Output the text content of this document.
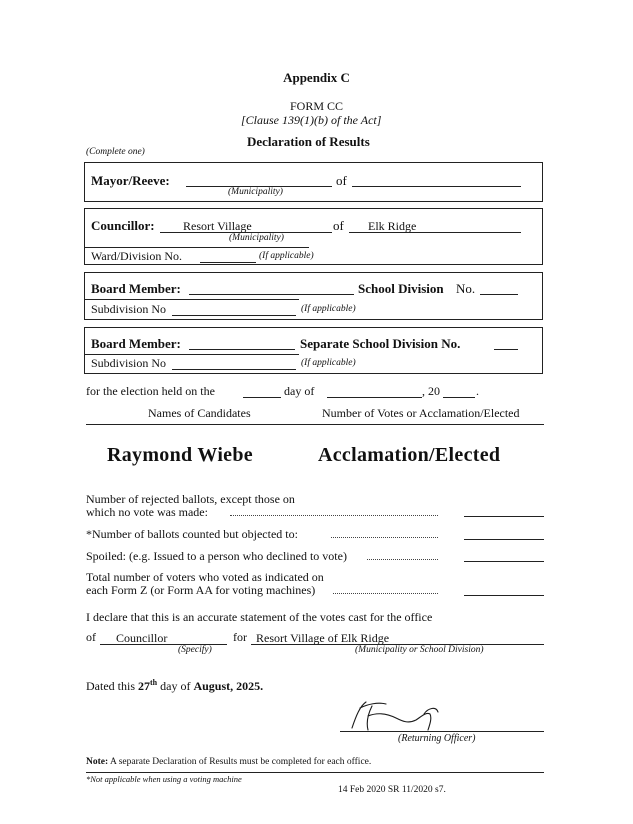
Appendix C
FORM CC
[Clause 139(1)(b) of the Act]
Declaration of Results
(Complete one)
Mayor/Reeve:	of
(Municipality)
Councillor: Resort Village	of Elk Ridge
(Municipality)
Ward/Division No.	(If applicable)
Board Member:	School Division No.
Subdivision No	(If applicable)
Board Member:	Separate School Division No.
Subdivision No	(If applicable)
for the election held on the	day of	, 20	.
Names of Candidates	Number of Votes or Acclamation/Elected
Raymond Wiebe	Acclamation/Elected
Number of rejected ballots, except those on
which no vote was made:
*Number of ballots counted but objected to:
Spoiled: (e.g. Issued to a person who declined to vote)
Total number of voters who voted as indicated on
each Form Z (or Form AA for voting machines)
I declare that this is an accurate statement of the votes cast for the office
of Councillor	for Resort Village of Elk Ridge
(Specify)	(Municipality or School Division)
Dated this 27th day of August, 2025.
(Returning Officer)
Note: A separate Declaration of Results must be completed for each office.
*Not applicable when using a voting machine
14 Feb 2020 SR 11/2020 s7.
